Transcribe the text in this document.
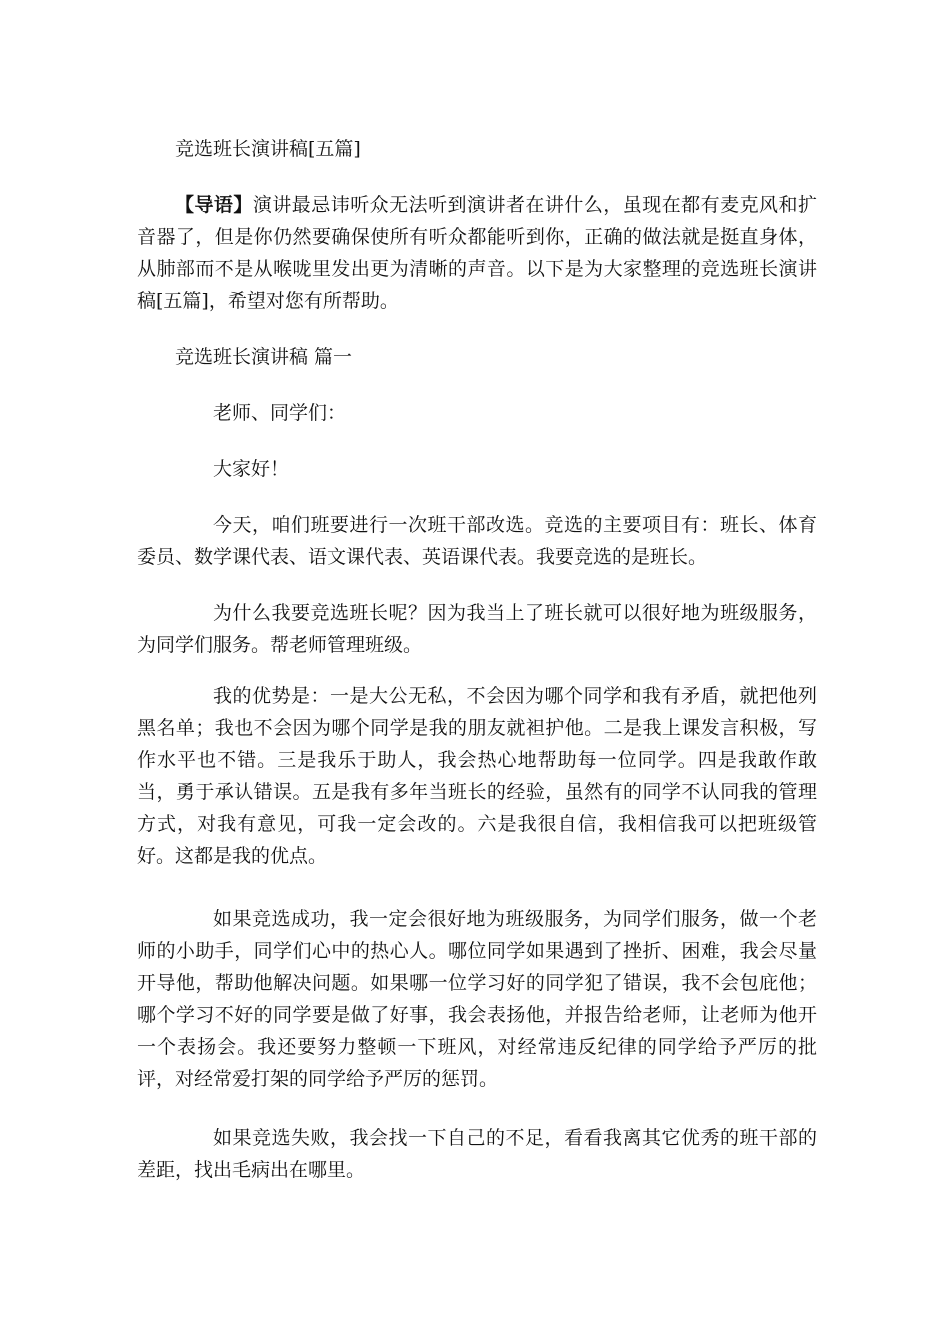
竞选班长演讲稿[五篇]

【导语】演讲最忌讳听众无法听到演讲者在讲什么，虽现在都有麦克风和扩音器了，但是你仍然要确保使所有听众都能听到你，正确的做法就是挺直身体，从肺部而不是从喉咙里发出更为清晰的声音。以下是为大家整理的竞选班长演讲稿[五篇]，希望对您有所帮助。

竞选班长演讲稿 篇一

老师、同学们：

大家好！

今天，咱们班要进行一次班干部改选。竞选的主要项目有：班长、体育委员、数学课代表、语文课代表、英语课代表。我要竞选的是班长。

为什么我要竞选班长呢？因为我当上了班长就可以很好地为班级服务，为同学们服务。帮老师管理班级。

我的优势是：一是大公无私，不会因为哪个同学和我有矛盾，就把他列黑名单；我也不会因为哪个同学是我的朋友就袒护他。二是我上课发言积极，写作水平也不错。三是我乐于助人，我会热心地帮助每一位同学。四是我敢作敢当，勇于承认错误。五是我有多年当班长的经验，虽然有的同学不认同我的管理方式，对我有意见，可我一定会改的。六是我很自信，我相信我可以把班级管好。这都是我的优点。

如果竞选成功，我一定会很好地为班级服务，为同学们服务，做一个老师的小助手，同学们心中的热心人。哪位同学如果遇到了挫折、困难，我会尽量开导他，帮助他解决问题。如果哪一位学习好的同学犯了错误，我不会包庇他；哪个学习不好的同学要是做了好事，我会表扬他，并报告给老师，让老师为他开一个表扬会。我还要努力整顿一下班风，对经常违反纪律的同学给予严厉的批评，对经常爱打架的同学给予严厉的惩罚。

如果竞选失败，我会找一下自己的不足，看看我离其它优秀的班干部的差距，找出毛病出在哪里。
